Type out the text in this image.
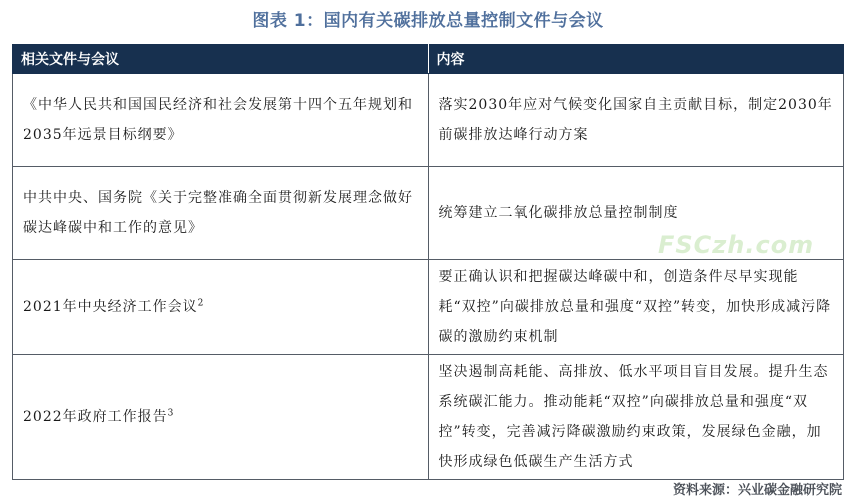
图表 1：国内有关碳排放总量控制文件与会议
相关文件与会议	内容
《中华人民共和国国民经济和社会发展第十四个五年规划和2035年远景目标纲要》	落实2030年应对气候变化国家自主贡献目标，制定2030年前碳排放达峰行动方案
中共中央、国务院《关于完整准确全面贯彻新发展理念做好碳达峰碳中和工作的意见》	统筹建立二氧化碳排放总量控制制度
2021年中央经济工作会议$^2$	要正确认识和把握碳达峰碳中和，创造条件尽早实现能耗“双控”向碳排放总量和强度“双控”转变，加快形成减污降碳的激励约束机制
2022年政府工作报告$^3$	坚决遏制高耗能、高排放、低水平项目盲目发展。提升生态系统碳汇能力。推动能耗“双控”向碳排放总量和强度“双控”转变，完善减污降碳激励约束政策，发展绿色金融，加快形成绿色低碳生产生活方式
FSCzh.com
资料来源：兴业碳金融研究院
